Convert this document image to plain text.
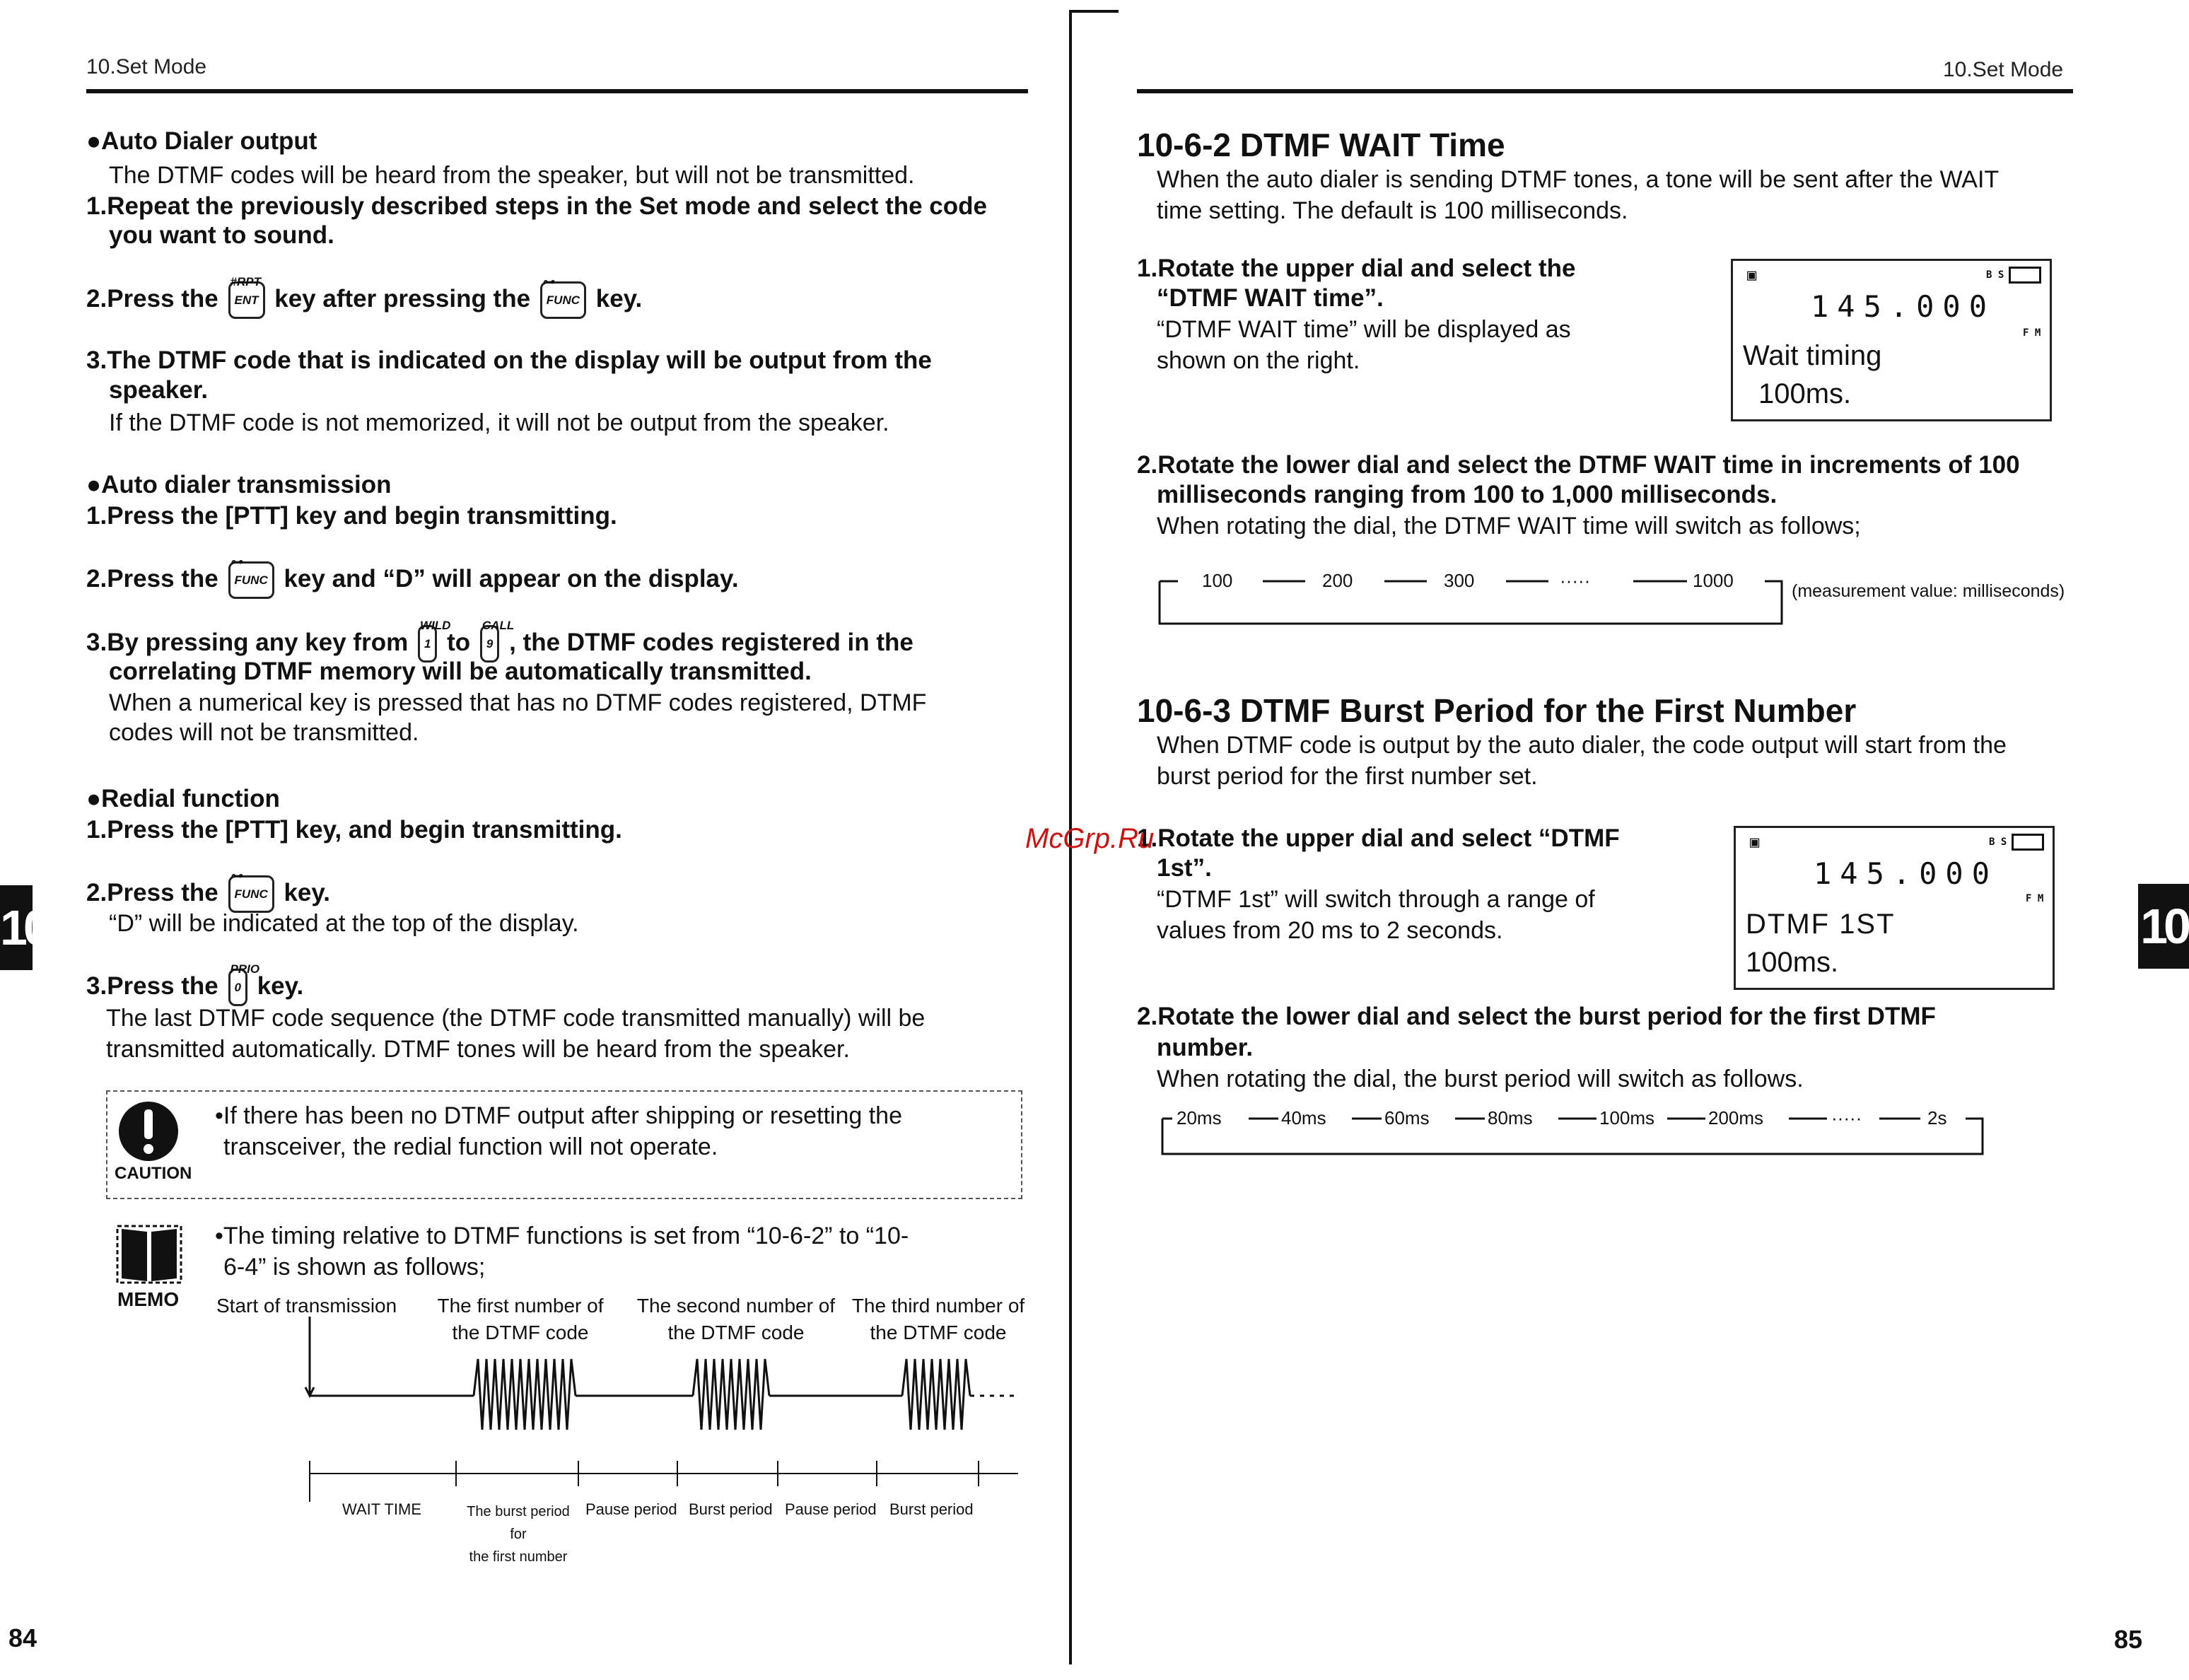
10.Set Mode
●Auto Dialer output
The DTMF codes will be heard from the speaker, but will not be transmitted.
1.Repeat the previously described steps in the Set mode and select the code
you want to sound.
2.Press the
#RPT
ENT key after pressing the
⊶
FUNC key.
3.The DTMF code that is indicated on the display will be output from the
speaker.
If the DTMF code is not memorized, it will not be output from the speaker.
●Auto dialer transmission
1.Press the [PTT] key and begin transmitting.
2.Press the
⊶
FUNC key and “D” will appear on the display.
3.By pressing any key from
WILD
1 to
CALL
9 , the DTMF codes registered in the
correlating DTMF memory will be automatically transmitted.
When a numerical key is pressed that has no DTMF codes registered, DTMF
codes will not be transmitted.
●Redial function
1.Press the [PTT] key, and begin transmitting.
2.Press the
⊶
FUNC key.
“D” will be indicated at the top of the display.
3.Press the
PRIO
0 key.
The last DTMF code sequence (the DTMF code transmitted manually) will be
transmitted automatically. DTMF tones will be heard from the speaker.
CAUTION
•If there has been no DTMF output after shipping or resetting the
transceiver, the redial function will not operate.
MEMO
•The timing relative to DTMF functions is set from “10-6-2” to “10-
6-4” is shown as follows;
Start of transmission	The first number of
the DTMF code
The second number of
the DTMF code
The third number of
the DTMF code
WAIT TIME	The burst period for
the first number
Pause period Burst period Pause period Burst period
10
84
10.Set Mode
10-6-2 DTMF WAIT Time
When the auto dialer is sending DTMF tones, a tone will be sent after the WAIT
time setting. The default is 100 milliseconds.
1.Rotate the upper dial and select the
“DTMF WAIT time”.
“DTMF WAIT time” will be displayed as
shown on the right.
▣	B S
145.000
F M
Wait timing
100ms.
2.Rotate the lower dial and select the DTMF WAIT time in increments of 100
milliseconds ranging from 100 to 1,000 milliseconds.
When rotating the dial, the DTMF WAIT time will switch as follows;
100	200	300	·····	1000	(measurement value: milliseconds)
10-6-3 DTMF Burst Period for the First Number
When DTMF code is output by the auto dialer, the code output will start from the
burst period for the first number set.
1.Rotate the upper dial and select “DTMF
1st”.
“DTMF 1st” will switch through a range of
values from 20 ms to 2 seconds.
▣	B S
145.000
F M
DTMF 1ST
100ms.
2.Rotate the lower dial and select the burst period for the first DTMF
number.
When rotating the dial, the burst period will switch as follows.
20ms	40ms	60ms	80ms	100ms	200ms	·····	2s
McGrp.Ru
10
85
